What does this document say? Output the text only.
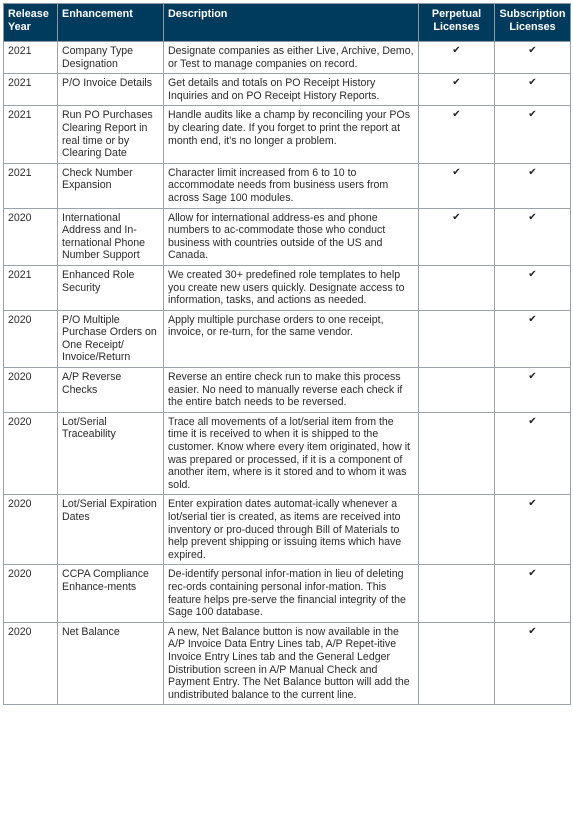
Release Year	Enhancement	Description	Perpetual Licenses	Subscription Licenses
2021	Company Type Designation	Designate companies as either Live, Archive, Demo, or Test to manage companies on record.	✔	✔
2021	P/O Invoice Details	Get details and totals on PO Receipt History Inquiries and on PO Receipt History Reports.	✔	✔
2021	Run PO Purchases Clearing Report in real time or by Clearing Date	Handle audits like a champ by reconciling your POs by clearing date. If you forget to print the report at month end, it's no longer a problem.	✔	✔
2021	Check Number Expansion	Character limit increased from 6 to 10 to accommodate needs from business users from across Sage 100 modules.	✔	✔
2020	International Address and In-ternational Phone Number Support	Allow for international address-es and phone numbers to ac-commodate those who conduct business with countries outside of the US and Canada.	✔	✔
2021	Enhanced Role Security	We created 30+ predefined role templates to help you create new users quickly. Designate access to information, tasks, and actions as needed.		✔
2020	P/O Multiple Purchase Orders on One Receipt/ Invoice/Return	Apply multiple purchase orders to one receipt, invoice, or re-turn, for the same vendor.		✔
2020	A/P Reverse Checks	Reverse an entire check run to make this process easier. No need to manually reverse each check if the entire batch needs to be reversed.		✔
2020	Lot/Serial Traceability	Trace all movements of a lot/serial item from the time it is received to when it is shipped to the customer. Know where every item originated, how it was prepared or processed, if it is a component of another item, where is it stored and to whom it was sold.		✔
2020	Lot/Serial Expiration Dates	Enter expiration dates automat-ically whenever a lot/serial tier is created, as items are received into inventory or pro-duced through Bill of Materials to help prevent shipping or issuing items which have expired.		✔
2020	CCPA Compliance Enhance-ments	De-identify personal infor-mation in lieu of deleting rec-ords containing personal infor-mation. This feature helps pre-serve the financial integrity of the Sage 100 database.		✔
2020	Net Balance	A new, Net Balance button is now available in the A/P Invoice Data Entry Lines tab, A/P Repet-itive Invoice Entry Lines tab and the General Ledger Distribution screen in A/P Manual Check and Payment Entry. The Net Balance button will add the undistributed balance to the current line.		✔
